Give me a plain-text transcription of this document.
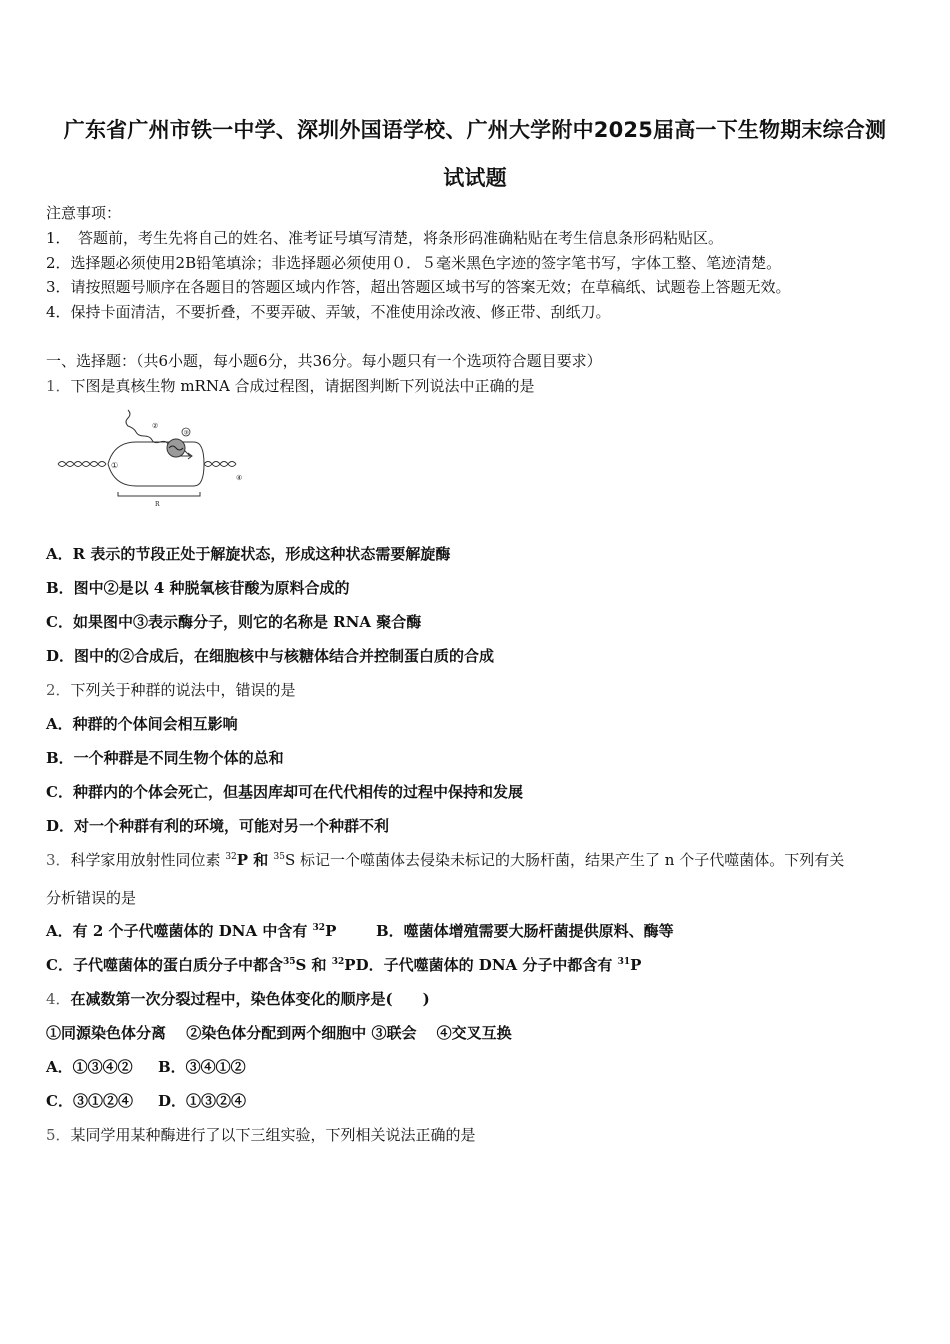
广东省广州市铁一中学、深圳外国语学校、广州大学附中2025届高一下生物期末综合测
试试题
注意事项：
1．　答题前，考生先将自己的姓名、准考证号填写清楚，将条形码准确粘贴在考生信息条形码粘贴区。
2．选择题必须使用2B铅笔填涂；非选择题必须使用０．５毫米黑色字迹的签字笔书写，字体工整、笔迹清楚。
3．请按照题号顺序在各题目的答题区域内作答，超出答题区域书写的答案无效；在草稿纸、试题卷上答题无效。
4．保持卡面清洁，不要折叠，不要弄破、弄皱，不准使用涂改液、修正带、刮纸刀。
一、选择题：（共6小题，每小题6分，共36分。每小题只有一个选项符合题目要求）
1．下图是真核生物 mRNA 合成过程图，请据图判断下列说法中正确的是
③
②
①
④
R
A．R 表示的节段正处于解旋状态，形成这种状态需要解旋酶
B．图中②是以 4 种脱氧核苷酸为原料合成的
C．如果图中③表示酶分子，则它的名称是 RNA 聚合酶
D．图中的②合成后，在细胞核中与核糖体结合并控制蛋白质的合成
2．下列关于种群的说法中，错误的是
A．种群的个体间会相互影响
B．一个种群是不同生物个体的总和
C．种群内的个体会死亡，但基因库却可在代代相传的过程中保持和发展
D．对一个种群有利的环境，可能对另一个种群不利
3．科学家用放射性同位素 $^{32}$P 和 $^{35}$S 标记一个噬菌体去侵染未标记的大肠杆菌，结果产生了 n 个子代噬菌体。下列有关
分析错误的是
A．有 2 个子代噬菌体的 DNA 中含有 $^{32}$P	B．噬菌体增殖需要大肠杆菌提供原料、酶等
C．子代噬菌体的蛋白质分子中都含$^{35}$S 和 $^{32}$PD．子代噬菌体的 DNA 分子中都含有 $^{31}$P
4．在减数第一次分裂过程中，染色体变化的顺序是(　　)
①同源染色体分离　 ②染色体分配到两个细胞中 ③联会　 ④交叉互换
A．①③④② B．③④①②
C．③①②④ D．①③②④
5．某同学用某种酶进行了以下三组实验，下列相关说法正确的是
